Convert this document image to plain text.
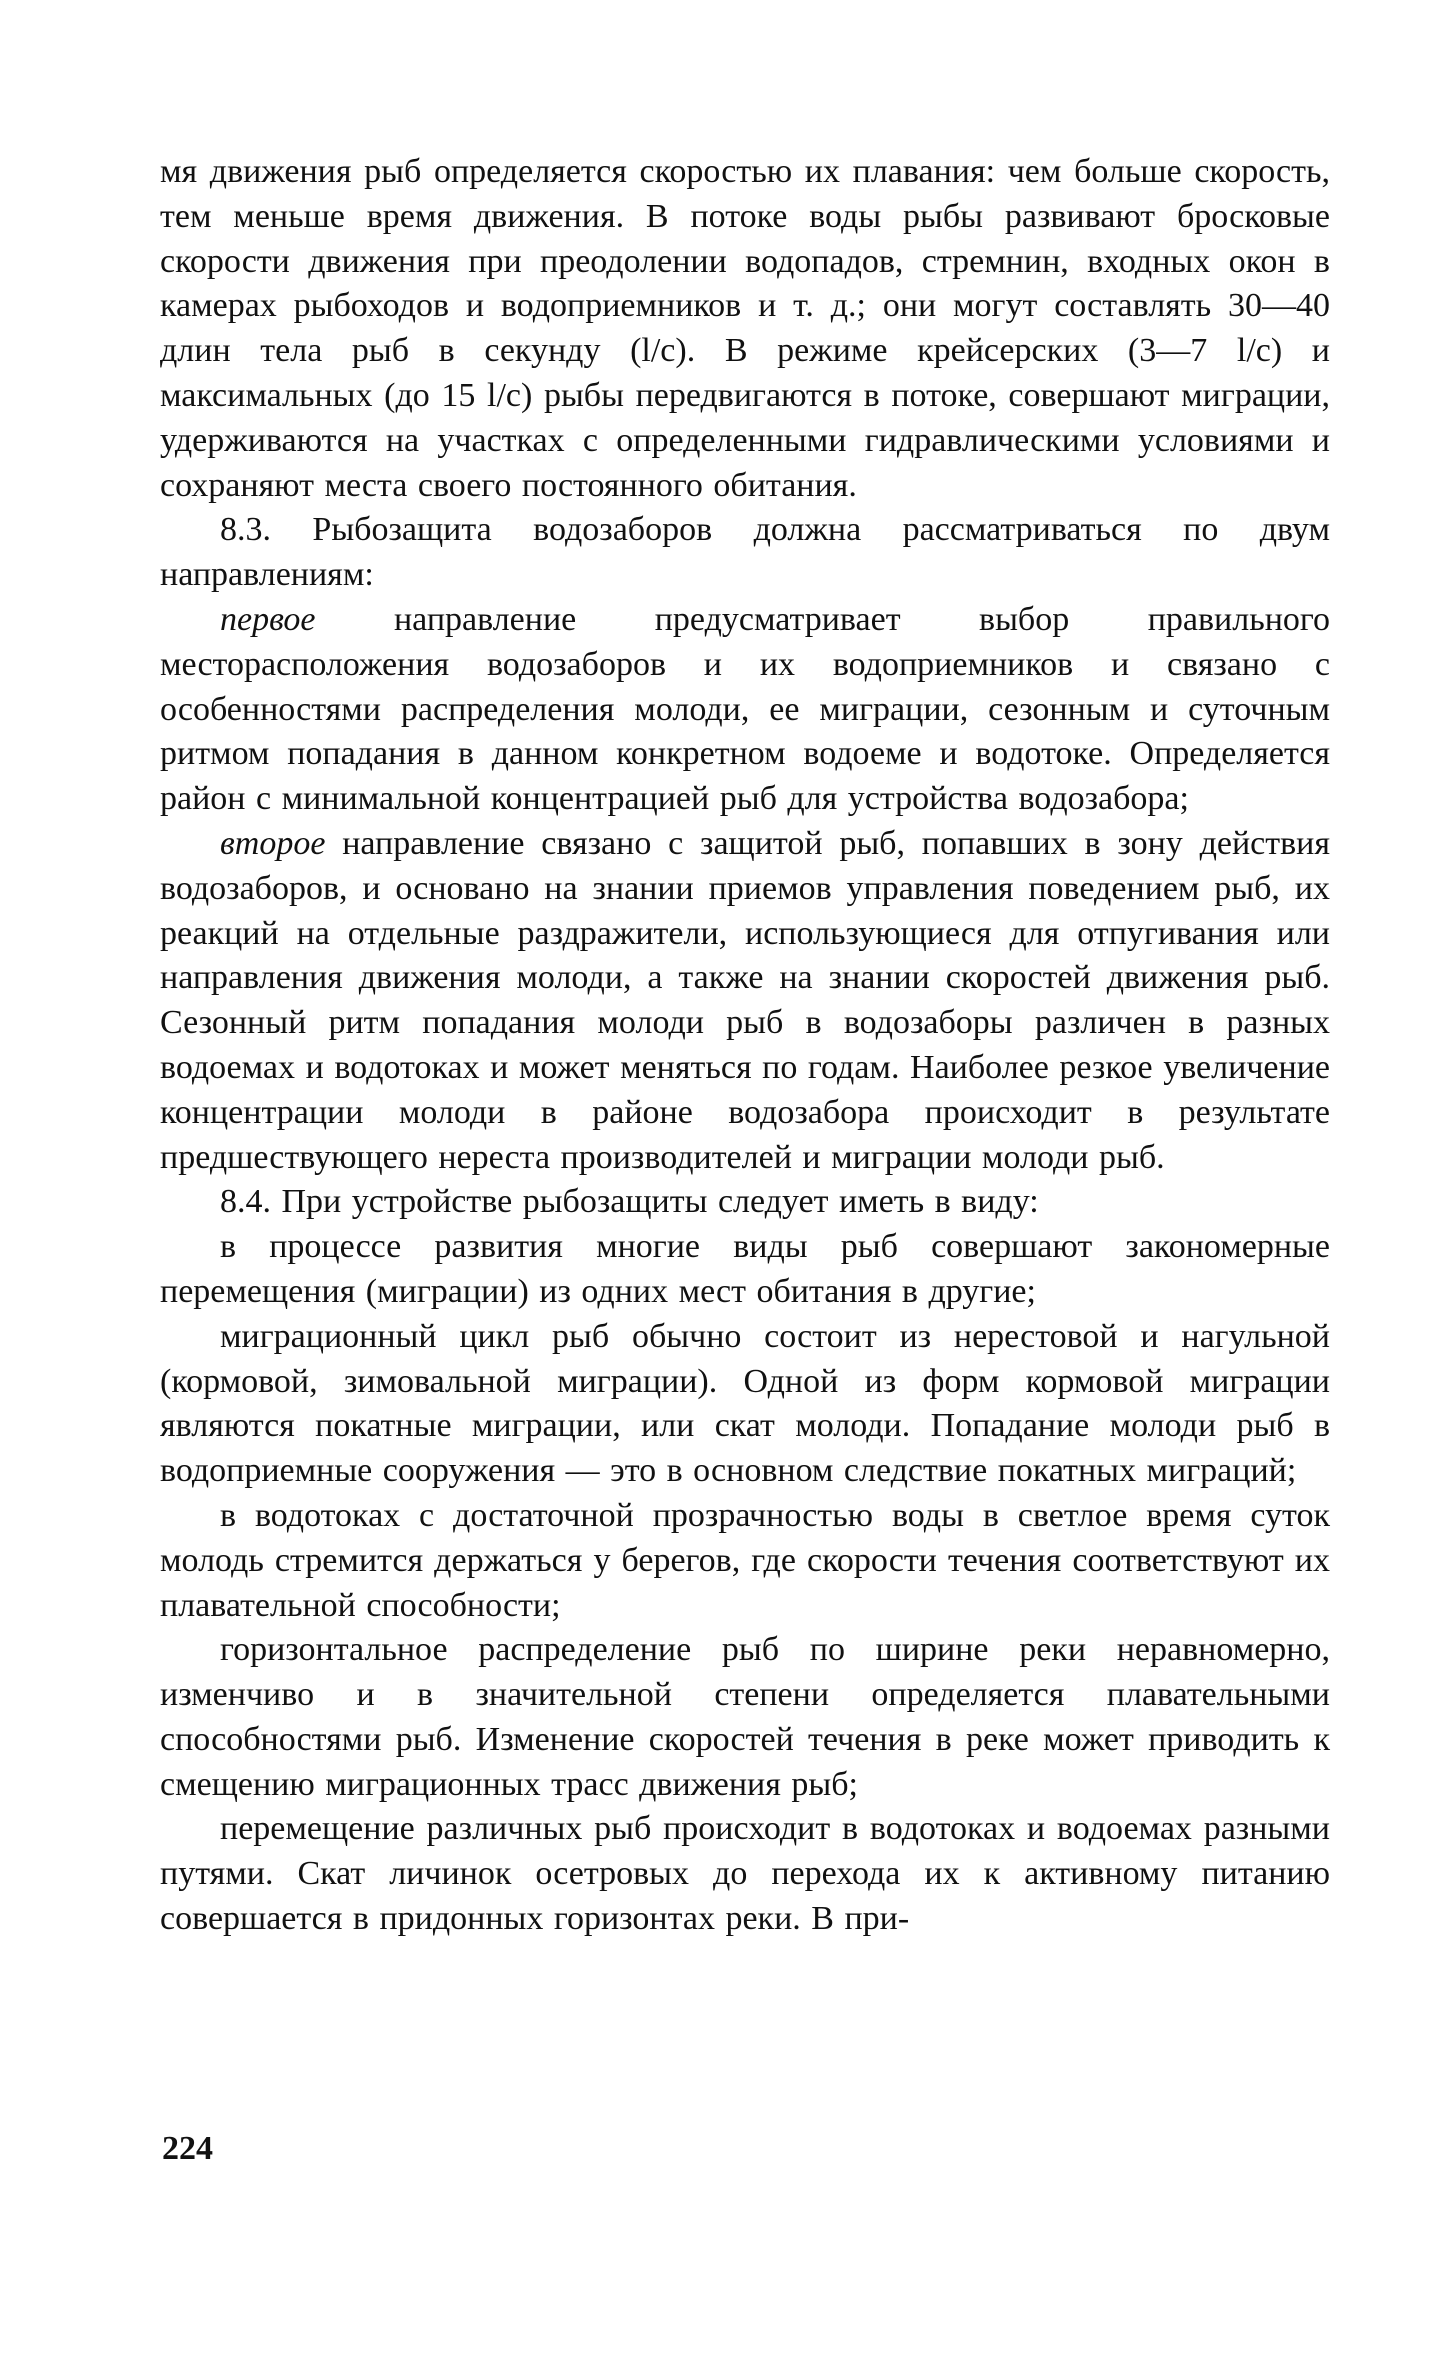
мя движения рыб определяется скоростью их плавания: чем больше скорость, тем меньше время движения. В потоке воды рыбы развивают бросковые скорости движения при преодолении водопадов, стремнин, входных окон в камерах рыбоходов и водоприемников и т. д.; они могут составлять 30—40 длин тела рыб в секунду (l/с). В режиме крейсерских (3—7 l/с) и максимальных (до 15 l/с) рыбы передвигаются в потоке, совершают миграции, удерживаются на участках с определенными гидравлическими условиями и сохраняют места своего постоянного обитания.

8.3. Рыбозащита водозаборов должна рассматриваться по двум направлениям:

первое направление предусматривает выбор правильного месторасположения водозаборов и их водоприемников и связано с особенностями распределения молоди, ее миграции, сезонным и суточным ритмом попадания в данном конкретном водоеме и водотоке. Определяется район с минимальной концентрацией рыб для устройства водозабора;

второе направление связано с защитой рыб, попавших в зону действия водозаборов, и основано на знании приемов управления поведением рыб, их реакций на отдельные раздражители, использующиеся для отпугивания или направления движения молоди, а также на знании скоростей движения рыб. Сезонный ритм попадания молоди рыб в водозаборы различен в разных водоемах и водотоках и может меняться по годам. Наиболее резкое увеличение концентрации молоди в районе водозабора происходит в результате предшествующего нереста производителей и миграции молоди рыб.

8.4. При устройстве рыбозащиты следует иметь в виду:

в процессе развития многие виды рыб совершают закономерные перемещения (миграции) из одних мест обитания в другие;

миграционный цикл рыб обычно состоит из нерестовой и нагульной (кормовой, зимовальной миграции). Одной из форм кормовой миграции являются покатные миграции, или скат молоди. Попадание молоди рыб в водоприемные сооружения — это в основном следствие покатных миграций;

в водотоках с достаточной прозрачностью воды в светлое время суток молодь стремится держаться у берегов, где скорости течения соответствуют их плавательной способности;

горизонтальное распределение рыб по ширине реки неравномерно, изменчиво и в значительной степени определяется плавательными способностями рыб. Изменение скоростей течения в реке может приводить к смещению миграционных трасс движения рыб;

перемещение различных рыб происходит в водотоках и водоемах разными путями. Скат личинок осетровых до перехода их к активному питанию совершается в придонных горизонтах реки. В при-

224
